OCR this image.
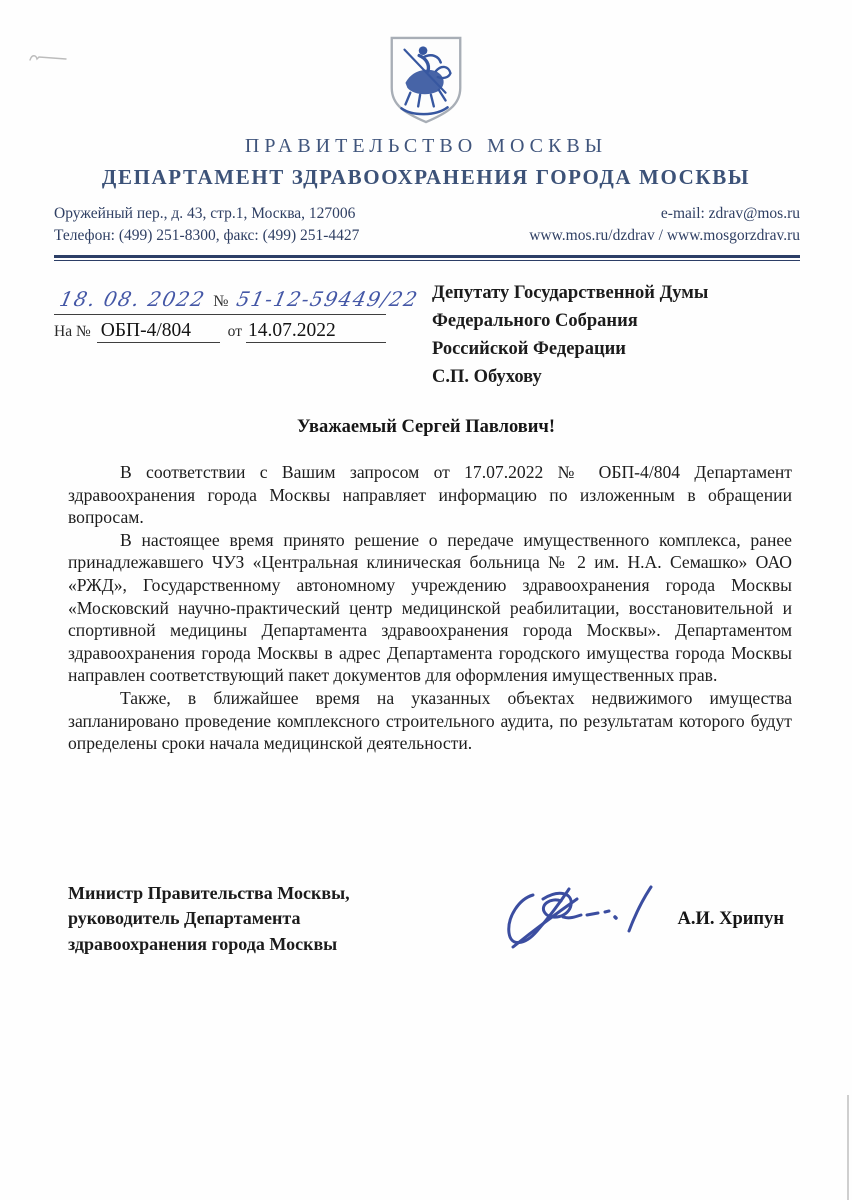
ПРАВИТЕЛЬСТВО МОСКВЫ
ДЕПАРТАМЕНТ ЗДРАВООХРАНЕНИЯ ГОРОДА МОСКВЫ
Оружейный пер., д. 43, стр.1, Москва, 127006
Телефон: (499) 251-8300, факс: (499) 251-4427
e-mail: zdrav@mos.ru
www.mos.ru/dzdrav / www.mosgorzdrav.ru
18. 08. 2022 № 51-12-59449/22
На № ОБП-4/804	от 14.07.2022
Депутату Государственной Думы
Федерального Собрания
Российской Федерации
С.П. Обухову
Уважаемый Сергей Павлович!

В соответствии с Вашим запросом от 17.07.2022 № ОБП-4/804 Департамент здравоохранения города Москвы направляет информацию по изложенным в обращении вопросам.

В настоящее время принято решение о передаче имущественного комплекса, ранее принадлежавшего ЧУЗ «Центральная клиническая больница № 2 им. Н.А. Семашко» ОАО «РЖД», Государственному автономному учреждению здравоохранения города Москвы «Московский научно-практический центр медицинской реабилитации, восстановительной и спортивной медицины Департамента здравоохранения города Москвы». Департаментом здравоохранения города Москвы в адрес Департамента городского имущества города Москвы направлен соответствующий пакет документов для оформления имущественных прав.

Также, в ближайшее время на указанных объектах недвижимого имущества запланировано проведение комплексного строительного аудита, по результатам которого будут определены сроки начала медицинской деятельности.

Министр Правительства Москвы,
руководитель Департамента
здравоохранения города Москвы
А.И. Хрипун
